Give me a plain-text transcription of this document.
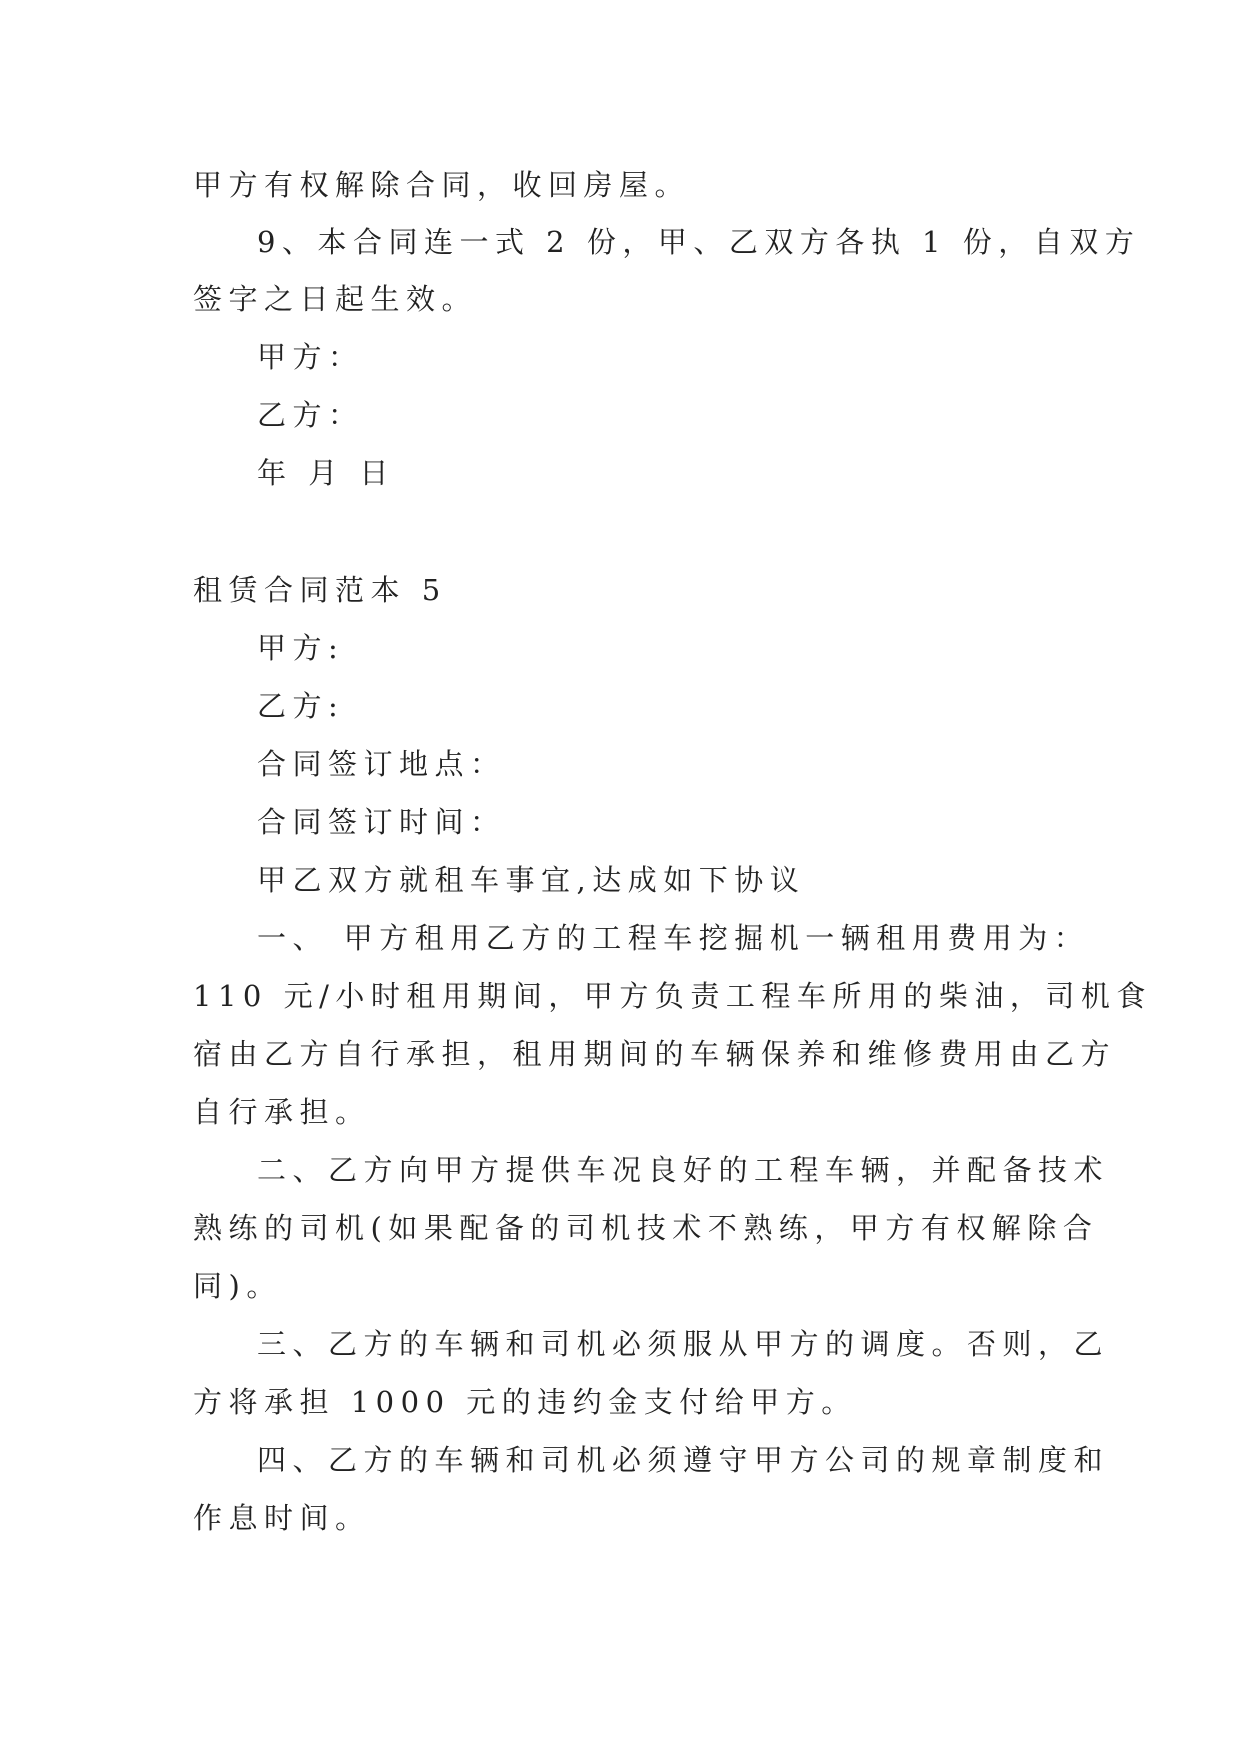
甲方有权解除合同，收回房屋。
9、本合同连一式 2 份，甲、乙双方各执 1 份，自双方
签字之日起生效。
甲方：
乙方：
年 月 日
租赁合同范本 5
甲方:
乙方:
合同签订地点：
合同签订时间：
甲乙双方就租车事宜,达成如下协议
一、 甲方租用乙方的工程车挖掘机一辆租用费用为：
110 元/小时租用期间，甲方负责工程车所用的柴油，司机食
宿由乙方自行承担，租用期间的车辆保养和维修费用由乙方
自行承担。
二、乙方向甲方提供车况良好的工程车辆，并配备技术
熟练的司机(如果配备的司机技术不熟练，甲方有权解除合
同)。
三、乙方的车辆和司机必须服从甲方的调度。否则，乙
方将承担 1000 元的违约金支付给甲方。
四、乙方的车辆和司机必须遵守甲方公司的规章制度和
作息时间。
